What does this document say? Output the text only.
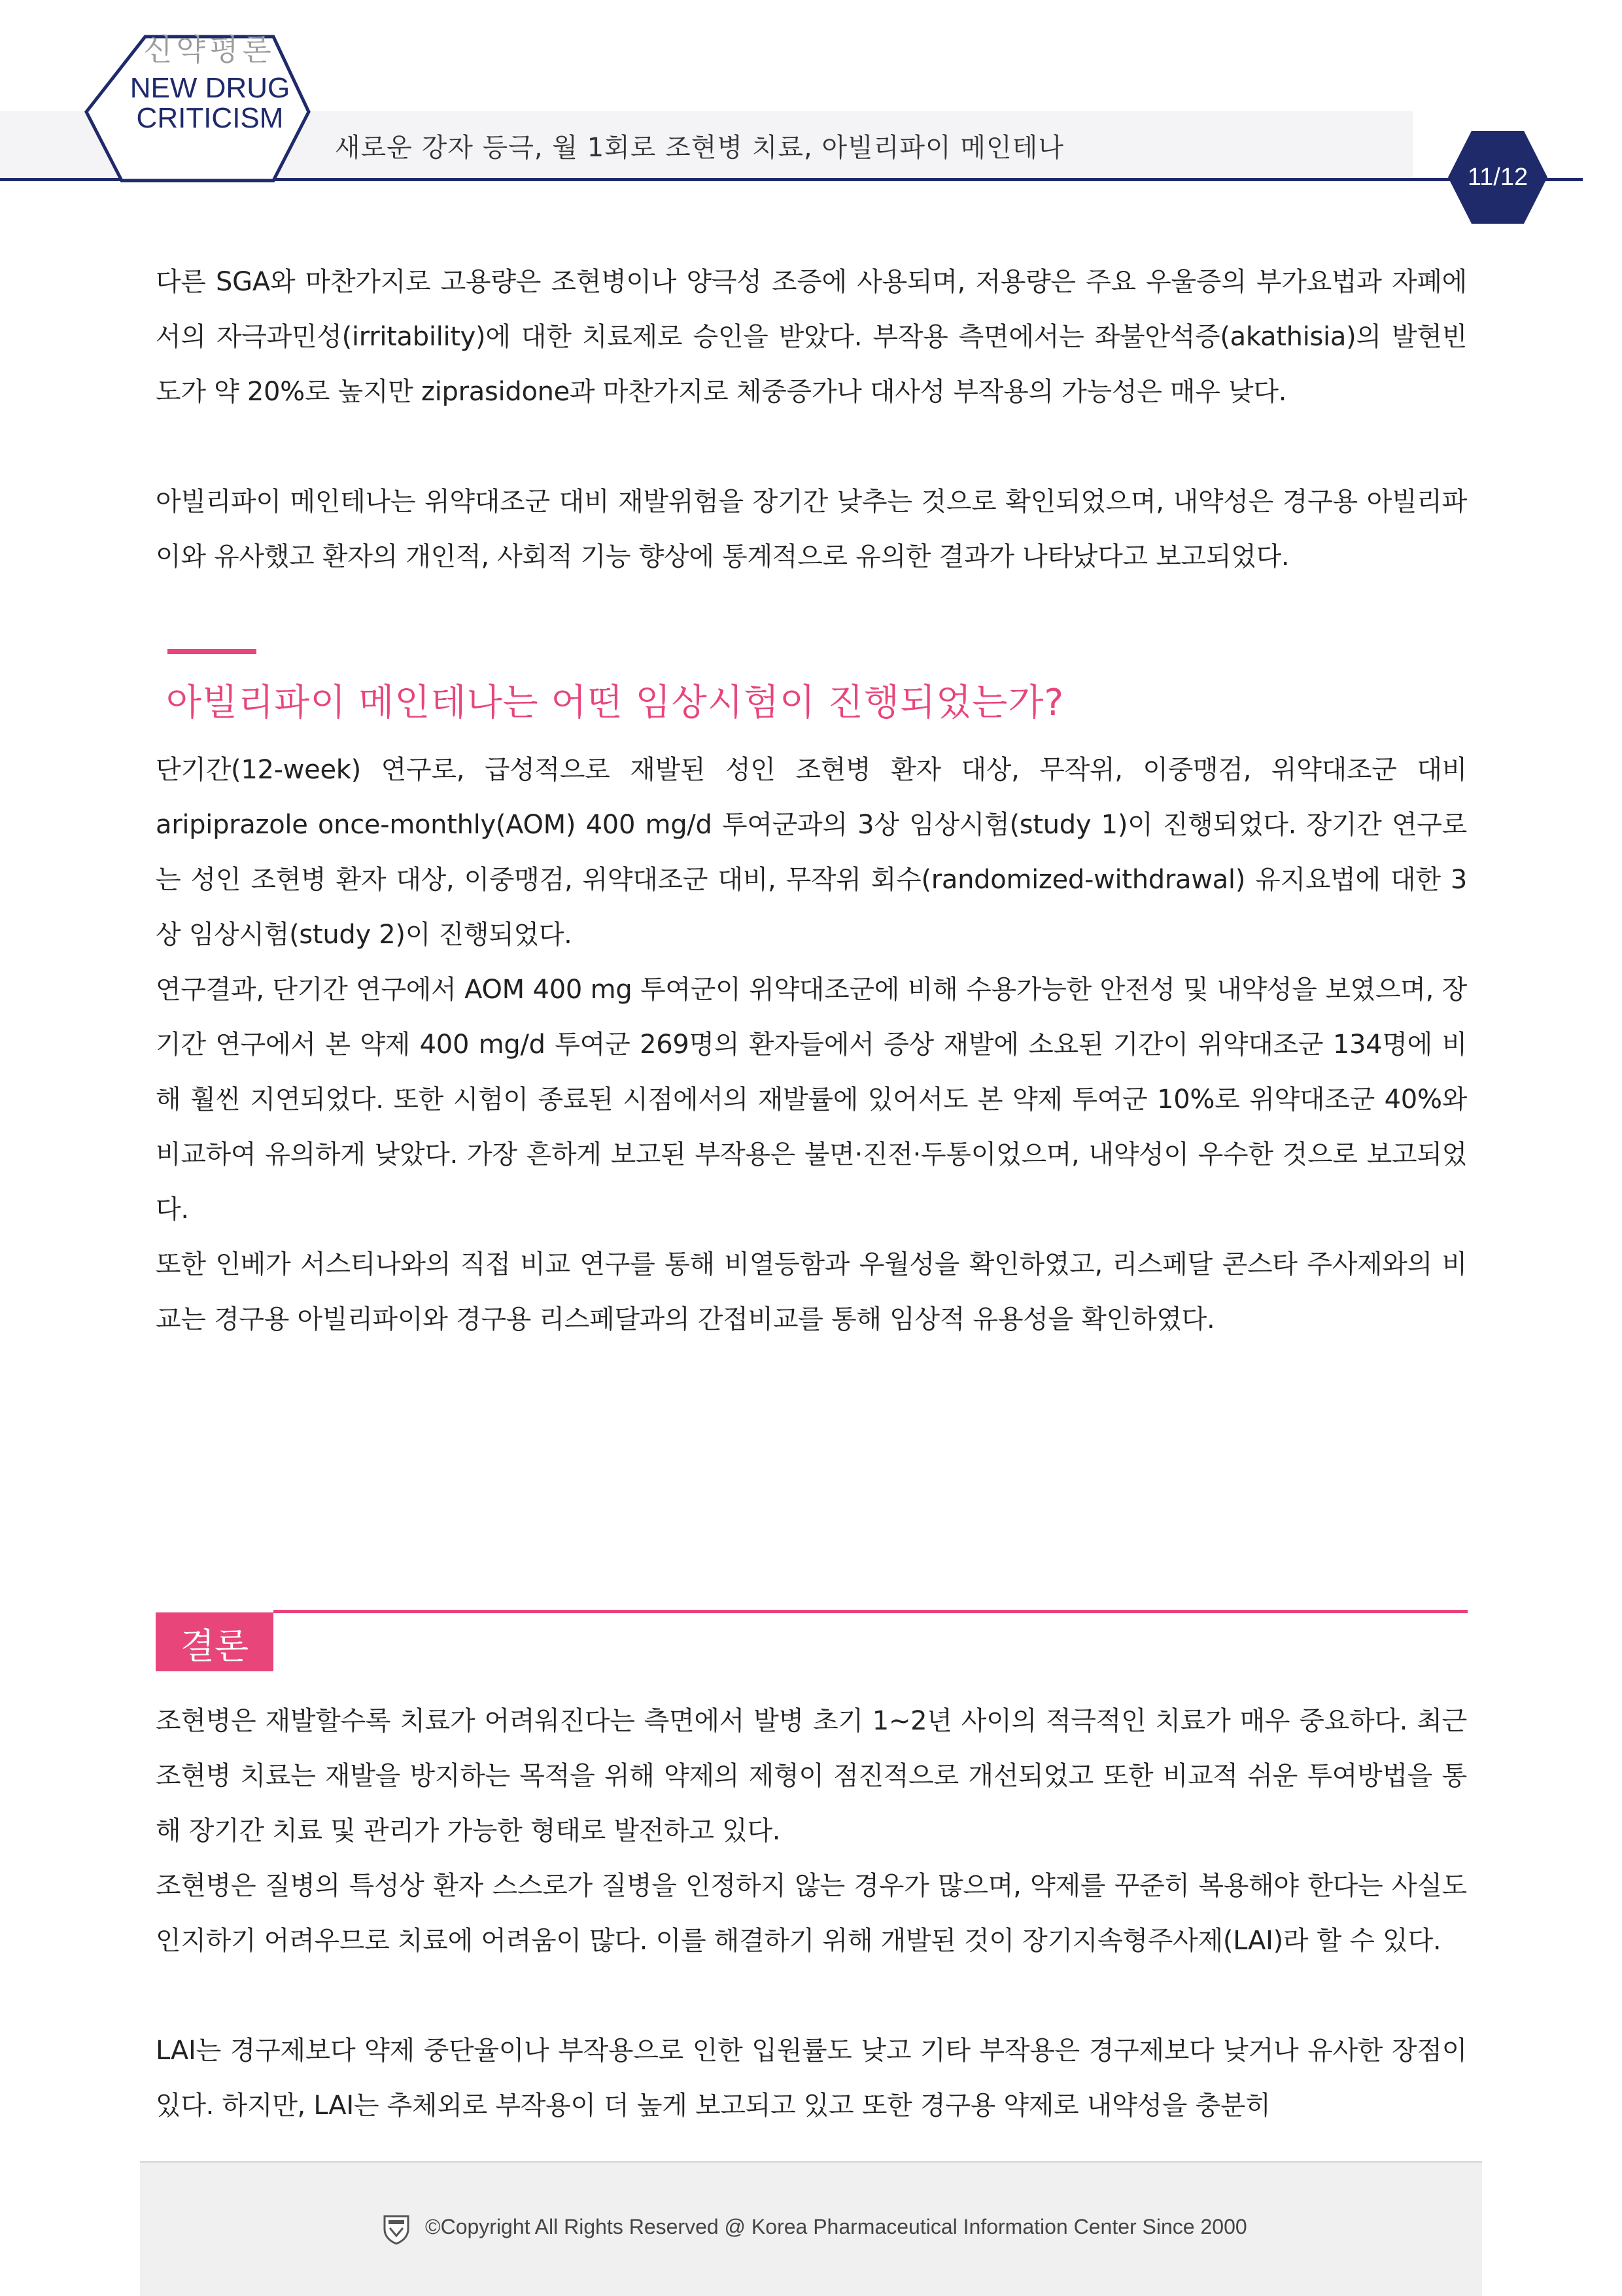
신약평론
NEW DRUG
CRITICISM
새로운 강자 등극, 월 1회로 조현병 치료, 아빌리파이 메인테나
11/12

다른 SGA와 마찬가지로 고용량은 조현병이나 양극성 조증에 사용되며, 저용량은 주요 우울증의 부가요법과 자폐에서의 자극과민성(irritability)에 대한 치료제로 승인을 받았다. 부작용 측면에서는 좌불안석증(akathisia)의 발현빈도가 약 20%로 높지만 ziprasidone과 마찬가지로 체중증가나 대사성 부작용의 가능성은 매우 낮다.

아빌리파이 메인테나는 위약대조군 대비 재발위험을 장기간 낮추는 것으로 확인되었으며, 내약성은 경구용 아빌리파이와 유사했고 환자의 개인적, 사회적 기능 향상에 통계적으로 유의한 결과가 나타났다고 보고되었다.

아빌리파이 메인테나는 어떤 임상시험이 진행되었는가?

단기간(12-week) 연구로, 급성적으로 재발된 성인 조현병 환자 대상, 무작위, 이중맹검, 위약대조군 대비 aripiprazole once-monthly(AOM) 400 mg/d 투여군과의 3상 임상시험(study 1)이 진행되었다. 장기간 연구로는 성인 조현병 환자 대상, 이중맹검, 위약대조군 대비, 무작위 회수(randomized-withdrawal) 유지요법에 대한 3상 임상시험(study 2)이 진행되었다.

연구결과, 단기간 연구에서 AOM 400 mg 투여군이 위약대조군에 비해 수용가능한 안전성 및 내약성을 보였으며, 장기간 연구에서 본 약제 400 mg/d 투여군 269명의 환자들에서 증상 재발에 소요된 기간이 위약대조군 134명에 비해 훨씬 지연되었다. 또한 시험이 종료된 시점에서의 재발률에 있어서도 본 약제 투여군 10%로 위약대조군 40%와 비교하여 유의하게 낮았다. 가장 흔하게 보고된 부작용은 불면·진전·두통이었으며, 내약성이 우수한 것으로 보고되었다.

또한 인베가 서스티나와의 직접 비교 연구를 통해 비열등함과 우월성을 확인하였고, 리스페달 콘스타 주사제와의 비교는 경구용 아빌리파이와 경구용 리스페달과의 간접비교를 통해 임상적 유용성을 확인하였다.

결론

조현병은 재발할수록 치료가 어려워진다는 측면에서 발병 초기 1~2년 사이의 적극적인 치료가 매우 중요하다. 최근 조현병 치료는 재발을 방지하는 목적을 위해 약제의 제형이 점진적으로 개선되었고 또한 비교적 쉬운 투여방법을 통해 장기간 치료 및 관리가 가능한 형태로 발전하고 있다.

조현병은 질병의 특성상 환자 스스로가 질병을 인정하지 않는 경우가 많으며, 약제를 꾸준히 복용해야 한다는 사실도 인지하기 어려우므로 치료에 어려움이 많다. 이를 해결하기 위해 개발된 것이 장기지속형주사제(LAI)라 할 수 있다.

LAI는 경구제보다 약제 중단율이나 부작용으로 인한 입원률도 낮고 기타 부작용은 경구제보다 낮거나 유사한 장점이 있다. 하지만, LAI는 추체외로 부작용이 더 높게 보고되고 있고 또한 경구용 약제로 내약성을 충분히

©Copyright All Rights Reserved @ Korea Pharmaceutical Information Center Since 2000
